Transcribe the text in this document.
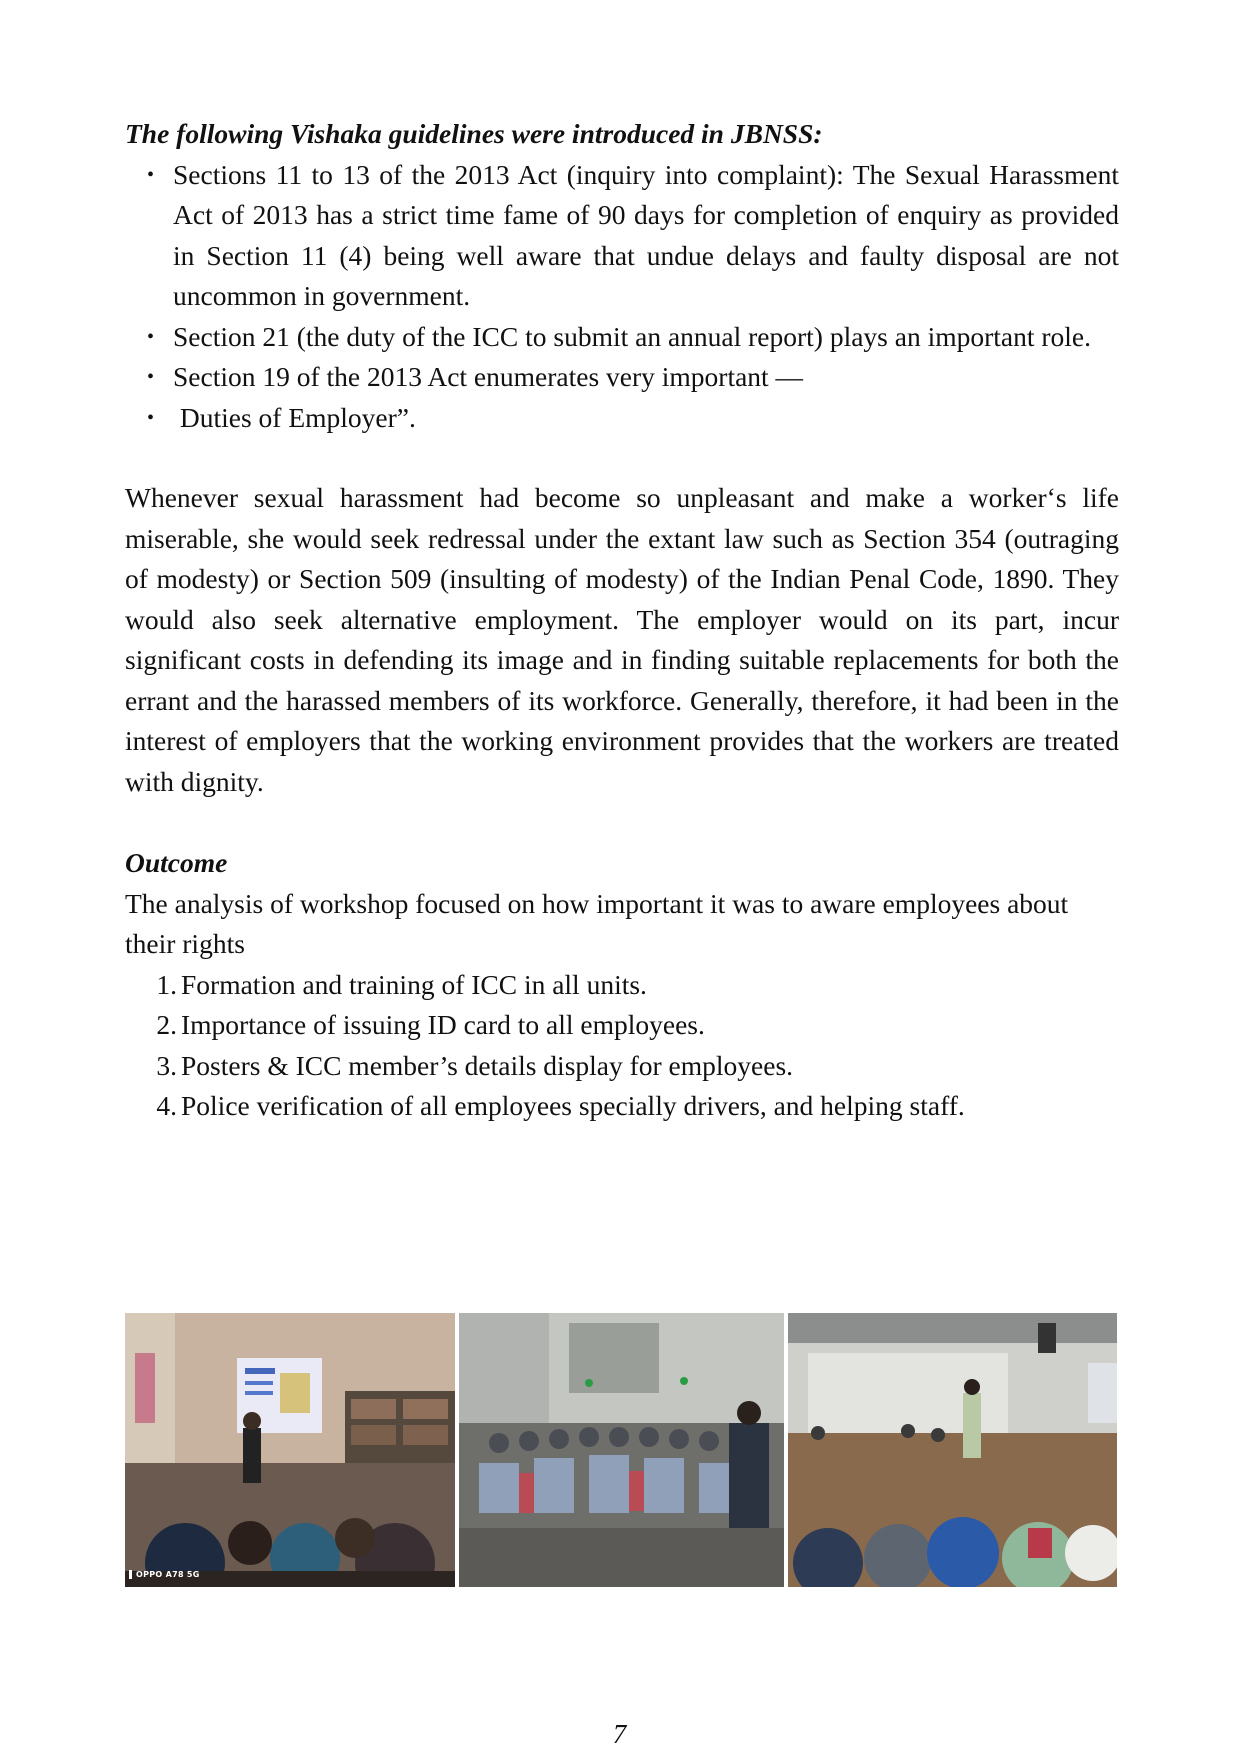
The following Vishaka guidelines were introduced in JBNSS:

• Sections 11 to 13 of the 2013 Act (inquiry into complaint): The Sexual Harassment Act of 2013 has a strict time fame of 90 days for completion of enquiry as provided in Section 11 (4) being well aware that undue delays and faulty disposal are not uncommon in government.
• Section 21 (the duty of the ICC to submit an annual report) plays an important role.
• Section 19 of the 2013 Act enumerates very important —
•  Duties of Employer”.

Whenever sexual harassment had become so unpleasant and make a worker‘s life miserable, she would seek redressal under the extant law such as Section 354 (outraging of modesty) or Section 509 (insulting of modesty) of the Indian Penal Code, 1890. They would also seek alternative employment. The employer would on its part, incur significant costs in defending its image and in finding suitable replacements for both the errant and the harassed members of its workforce. Generally, therefore, it had been in the interest of employers that the working environment provides that the workers are treated with dignity.

Outcome

The analysis of workshop focused on how important it was to aware employees about their rights

1. Formation and training of ICC in all units.
2. Importance of issuing ID card to all employees.
3. Posters & ICC member’s details display for employees.
4. Police verification of all employees specially drivers, and helping staff.
OPPO A78 5G
7
